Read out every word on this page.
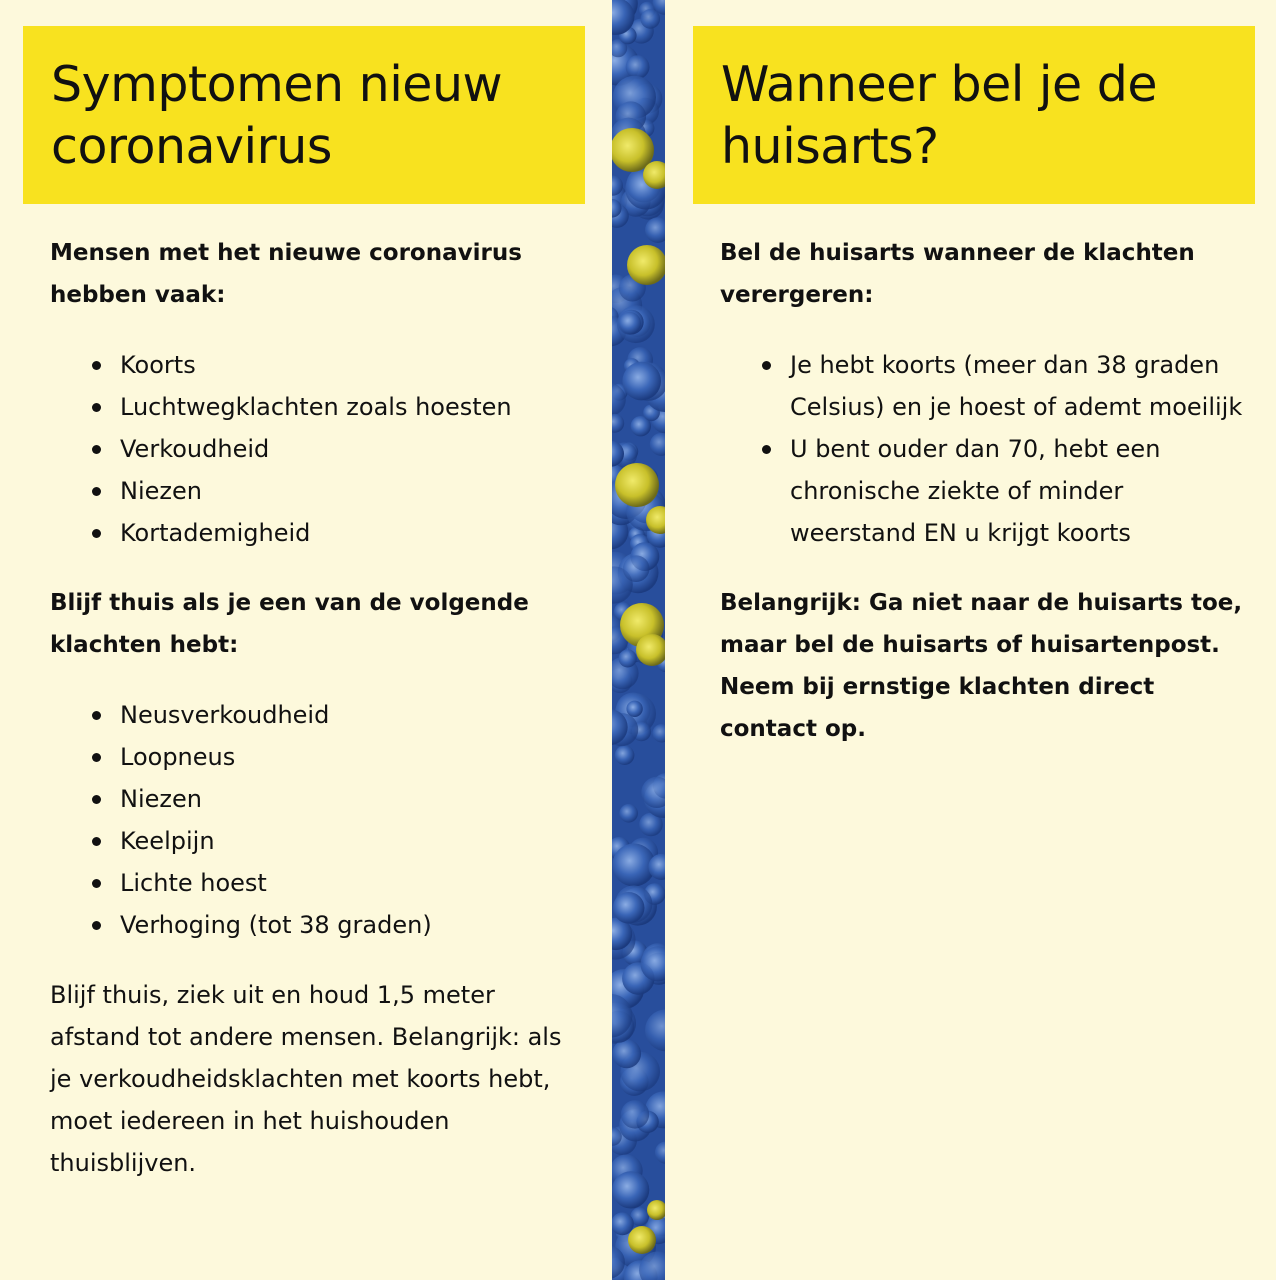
Symptomen nieuw coronavirus

Mensen met het nieuwe coronavirus hebben vaak:

Koorts
Luchtwegklachten zoals hoesten
Verkoudheid
Niezen
Kortademigheid

Blijf thuis als je een van de volgende klachten hebt:

Neusverkoudheid
Loopneus
Niezen
Keelpijn
Lichte hoest
Verhoging (tot 38 graden)

Blijf thuis, ziek uit en houd 1,5 meter afstand tot andere mensen. Belangrijk: als je verkoudheidsklachten met koorts hebt, moet iedereen in het huishouden thuisblijven.

Wanneer bel je de huisarts?

Bel de huisarts wanneer de klachten verergeren:

Je hebt koorts (meer dan 38 graden Celsius) en je hoest of ademt moeilijk
U bent ouder dan 70, hebt een chronische ziekte of minder weerstand EN u krijgt koorts

Belangrijk: Ga niet naar de huisarts toe, maar bel de huisarts of huisartenpost. Neem bij ernstige klachten direct contact op.
